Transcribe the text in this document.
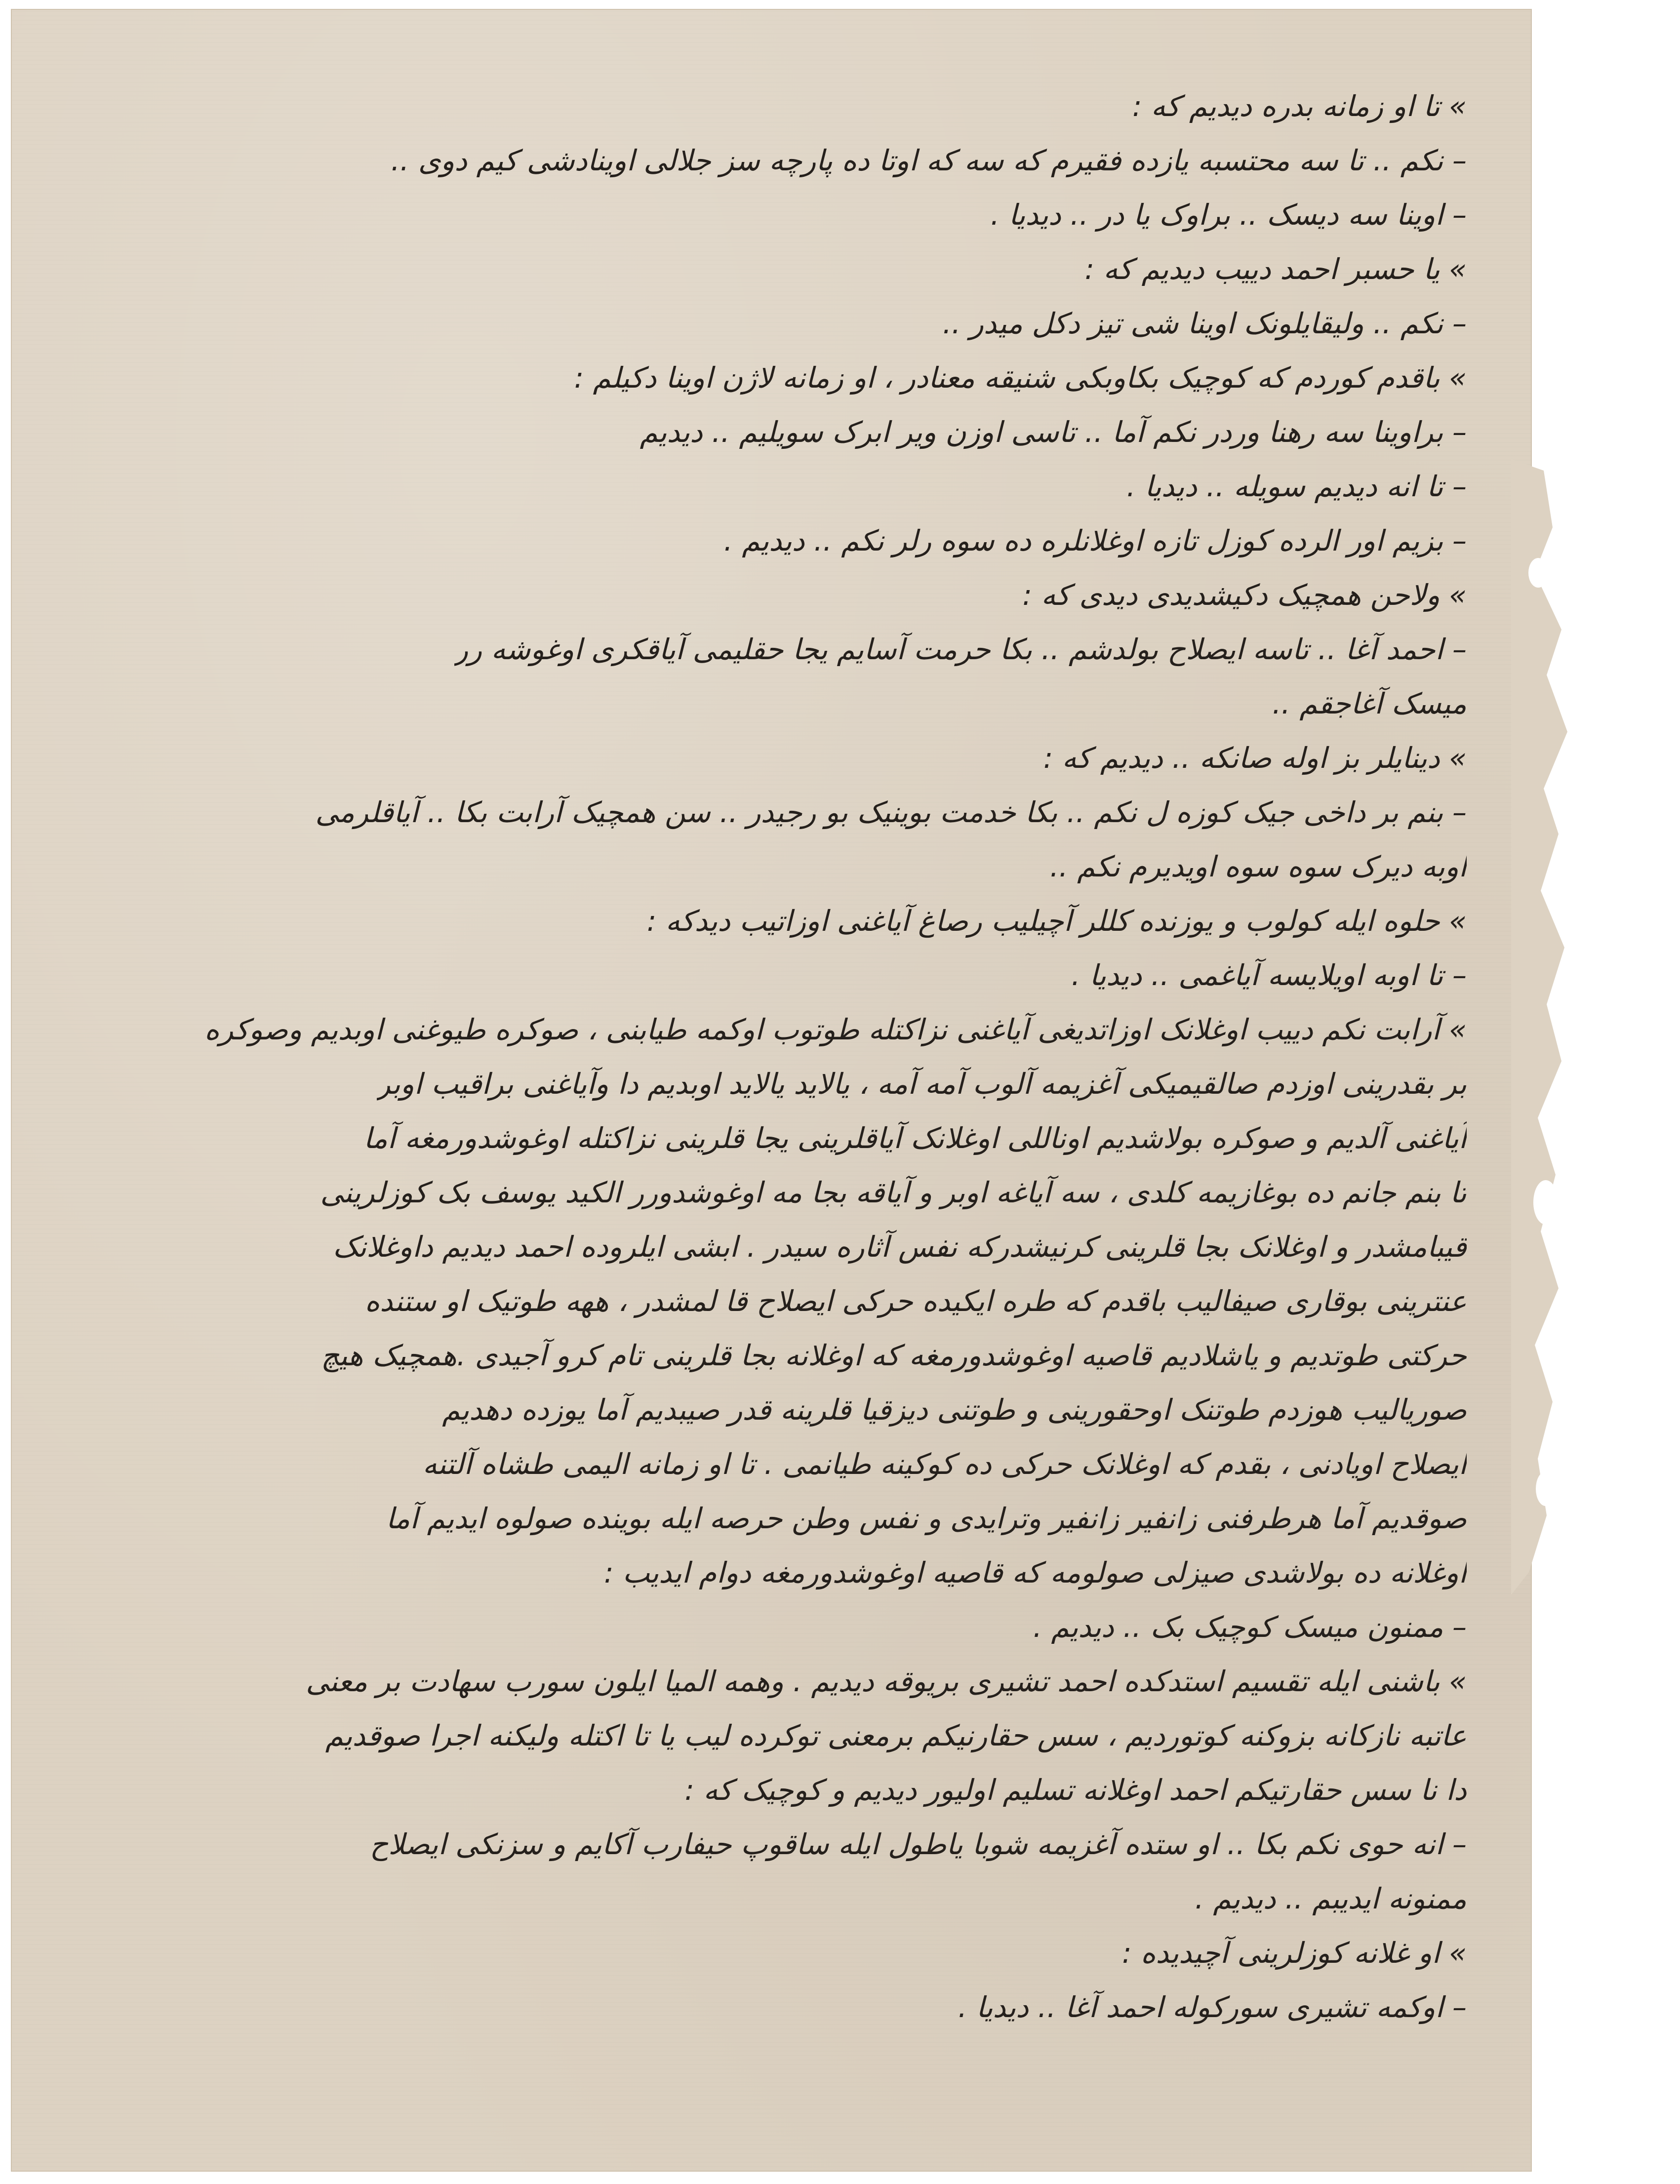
» تا او زمانه بدره دیدیم که :
– نکم .. تا سه محتسبه یازده فقیرم که سه که اوتا ده پارچه سز جلالی اوینادشی کیم دوی ..
– اوینا سه دیسک .. براوک یا در .. دیدیا .
» یا حسبر احمد دییب دیدیم که :
– نکم .. ولیقایلونک اوینا شی تیز دکل میدر ..
» باقدم کوردم که کوچیک بکاوبکی شنیقه معنادر ، او زمانه لاژن اوینا دکیلم :
– براوینا سه رهنا وردر نکم آما .. تاسی اوزن ویر ابرک سویلیم .. دیدیم
– تا انه دیدیم سویله .. دیدیا .
– بزیم اور الرده کوزل تازه اوغلانلره ده سوه رلر نکم .. دیدیم .
» ولاحن همچیک دکیشدیدی دیدی که :
– احمد آغا .. تاسه ایصلاح بولدشم .. بکا حرمت آسایم یجا حقلیمی آیاقکری اوغوشه رر
میسک آغاجقم ..
» دینایلر بز اوله صانکه .. دیدیم که :
– بنم بر داخی جیک کوزه ل نکم .. بکا خدمت بوینیک بو رجیدر .. سن همچیک آرابت بکا .. آیاقلرمی
اوبه دیرک سوه سوه اویدیرم نکم ..
» حلوه ایله کولوب و یوزنده کللر آچیلیب رصاغ آیاغنی اوزاتیب دیدکه :
– تا اوبه اویلایسه آیاغمی .. دیدیا .
» آرابت نکم دییب اوغلانک اوزاتدیغی آیاغنی نزاکتله طوتوب اوکمه طیابنی ، صوکره طیوغنی اوبدیم وصوکره
بر بقدرینی اوزدم صالقیمیکی آغزیمه آلوب آمه آمه ، یالاید یالاید اوبدیم دا وآیاغنی براقیب اوبر
آیاغنی آلدیم و صوکره بولاشدیم اوناللی اوغلانک آیاقلرینی یجا قلرینی نزاکتله اوغوشدورمغه آما
تا بنم جانم ده بوغازیمه کلدی ، سه آیاغه اوبر و آیاقه بجا مه اوغوشدورر الکید یوسف بک کوزلرینی
قیبامشدر و اوغلانک بجا قلرینی کرنیشدرکه نفس آثاره سیدر . ابشی ایلروده احمد دیدیم داوغلانک
عنترینی بوقاری صیفالیب باقدم که طره ایکیده حرکی ایصلاح قا لمشدر ، ههه طوتیک او ستنده
حرکتی طوتدیم و یاشلادیم قاصیه اوغوشدورمغه که اوغلانه بجا قلرینی تام کرو آجیدی .همچیک هیچ
صوریالیب هوزدم طوتنک اوحقورینی و طوتنی دیزقیا قلرینه قدر صیبدیم آما یوزده دهدیم
ایصلاح اویادنی ، بقدم که اوغلانک حرکی ده کوکینه طیانمی . تا او زمانه الیمی طشاه آلتنه
صوقدیم آما هرطرفنی زانفیر زانفیر وترایدی و نفس وطن حرصه ایله بوینده صولوه ایدیم آما
اوغلانه ده بولاشدی صیزلی صولومه که قاصیه اوغوشدورمغه دوام ایدیب :
– ممنون میسک کوچیک بک .. دیدیم .
» باشنی ایله تقسیم استدکده احمد تشیری بریوقه دیدیم . وهمه المیا ایلون سورب سهادت بر معنی
عاتبه نازکانه بزوکنه کوتوردیم ، سس حقارنیکم برمعنی توکرده لیب یا تا اکتله ولیکنه اجرا صوقدیم
دا نا سس حقارتیکم احمد اوغلانه تسلیم اولیور دیدیم و کوچیک که :
– انه حوی نکم بکا .. او ستده آغزیمه شوبا یاطول ایله ساقوپ حیفارب آکایم و سزنکی ایصلاح
ممنونه ایدیبم .. دیدیم .
» او غلانه کوزلرینی آچیدیده :
– اوکمه تشیری سورکوله احمد آغا .. دیدیا .
